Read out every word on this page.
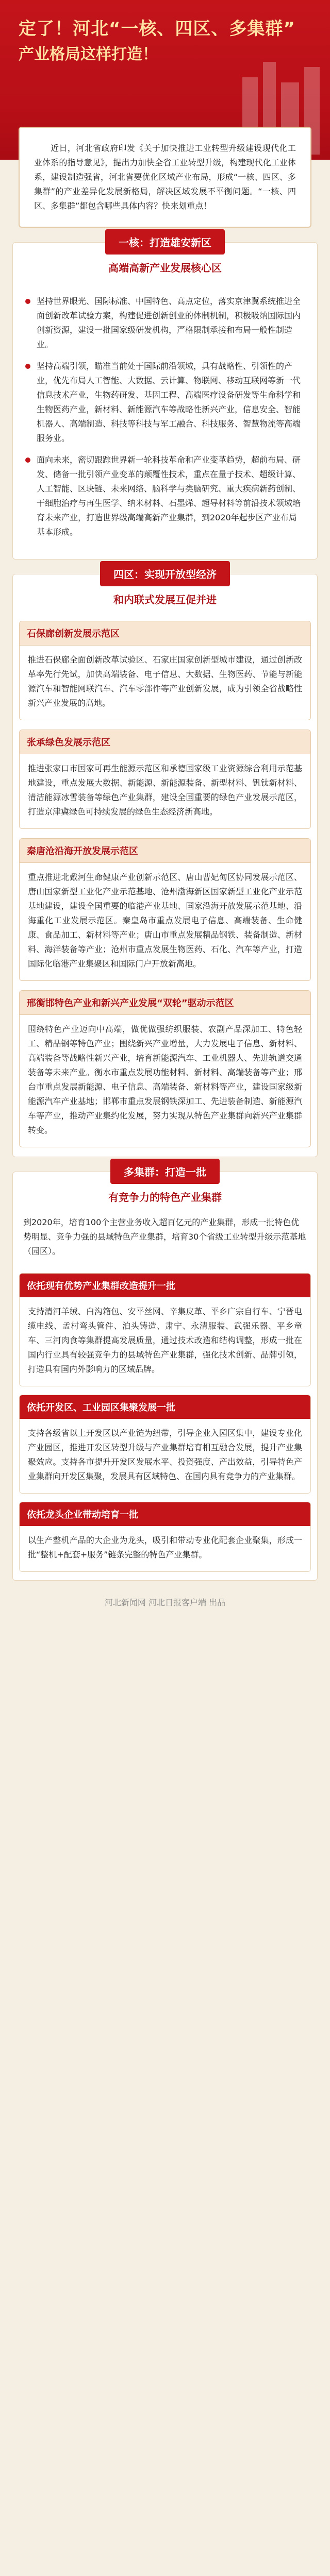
定了！河北“一核、四区、多集群”
产业格局这样打造！

近日，河北省政府印发《关于加快推进工业转型升级建设现代化工业体系的指导意见》，提出力加快全省工业转型升级，构建现代化工业体系，建设制造强省，河北省要优化区域产业布局，形成“一核、四区、多集群”的产业差异化发展新格局，解决区域发展不平衡问题。“一核、四区、多集群”都包含哪些具体内容？快来划重点！

一核：打造雄安新区
高端高新产业发展核心区

坚持世界眼光、国际标准、中国特色、高点定位，落实京津冀系统推进全面创新改革试验方案，构建促进创新创业的体制机制，积极吸纳国际国内创新资源，建设一批国家级研发机构，严格限制承接和布局一般性制造业。

坚持高端引领，瞄准当前处于国际前沿领域，具有战略性、引领性的产业，优先布局人工智能、大数据、云计算、物联网、移动互联网等新一代信息技术产业，生物药研发、基因工程、高端医疗设备研发等生命科学和生物医药产业，新材料、新能源汽车等战略性新兴产业，信息安全、智能机器人、高端制造、科技等科技与军工融合、科技服务、智慧物流等高端服务业。

面向未来，密切跟踪世界新一轮科技革命和产业变革趋势，超前布局、研发、储备一批引领产业变革的颠覆性技术，重点在量子技术、超级计算、人工智能、区块链、未来网络、脑科学与类脑研究、重大疾病新药创制、干细胞治疗与再生医学、纳米材料、石墨烯、超导材料等前沿技术领域培育未来产业，打造世界级高端高新产业集群，到2020年起步区产业布局基本形成。

四区：实现开放型经济
和内联式发展互促并进
石保廊创新发展示范区
推进石保廊全面创新改革试验区、石家庄国家创新型城市建设，通过创新改革率先行先试，加快高端装备、电子信息、大数据、生物医药、节能与新能源汽车和智能网联汽车、汽车零部件等产业创新发展，成为引领全省战略性新兴产业发展的高地。
张承绿色发展示范区
推进张家口市国家可再生能源示范区和承德国家级工业资源综合利用示范基地建设，重点发展大数据、新能源、新能源装备、新型材料、钒钛新材料、清洁能源冰雪装备等绿色产业集群，建设全国重要的绿色产业发展示范区，打造京津冀绿色可持续发展的绿色生态经济新高地。
秦唐沧沿海开放发展示范区
重点推进北戴河生命健康产业创新示范区、唐山曹妃甸区协同发展示范区、唐山国家新型工业化产业示范基地、沧州渤海新区国家新型工业化产业示范基地建设，建设全国重要的临港产业基地、国家沿海开放发展示范基地、沿海重化工业发展示范区。秦皇岛市重点发展电子信息、高端装备、生命健康、食品加工、新材料等产业；唐山市重点发展精品钢铁、装备制造、新材料、海洋装备等产业；沧州市重点发展生物医药、石化、汽车等产业，打造国际化临港产业集聚区和国际门户开放新高地。
邢衡邯特色产业和新兴产业发展“双轮”驱动示范区
围绕特色产业迈向中高端，做优做强纺织服装、农副产品深加工、特色轻工、精品钢等特色产业；围绕新兴产业增量，大力发展电子信息、新材料、高端装备等战略性新兴产业，培育新能源汽车、工业机器人、先进轨道交通装备等未来产业。衡水市重点发展功能材料、新材料、高端装备等产业；邢台市重点发展新能源、电子信息、高端装备、新材料等产业，建设国家级新能源汽车产业基地；邯郸市重点发展钢铁深加工、先进装备制造、新能源汽车等产业，推动产业集约化发展，努力实现从特色产业集群向新兴产业集群转变。
多集群：打造一批
有竞争力的特色产业集群
到2020年，培育100个主营业务收入超百亿元的产业集群，形成一批特色优势明显、竞争力强的县域特色产业集群，培育30个省级工业转型升级示范基地（园区）。
依托现有优势产业集群改造提升一批
支持清河羊绒、白沟箱包、安平丝网、辛集皮革、平乡广宗自行车、宁晋电缆电线、孟村弯头管件、泊头铸造、肃宁、永清服装、武强乐器、平乡童车、三河肉食等集群提高发展质量，通过技术改造和结构调整，形成一批在国内行业具有较强竞争力的县域特色产业集群，强化技术创新、品牌引领，打造具有国内外影响力的区域品牌。
依托开发区、工业园区集聚发展一批
支持各级省以上开发区以产业链为纽带，引导企业入园区集中，建设专业化产业园区，推进开发区转型升级与产业集群培育相互融合发展，提升产业集聚效应。支持各市提升开发区发展水平、投资强度、产出效益，引导特色产业集群向开发区集聚，发展具有区域特色、在国内具有竞争力的产业集群。
依托龙头企业带动培育一批
以生产整机产品的大企业为龙头，吸引和带动专业化配套企业聚集，形成一批“整机+配套+服务”链条完整的特色产业集群。
河北新闻网 河北日报客户端 出品
